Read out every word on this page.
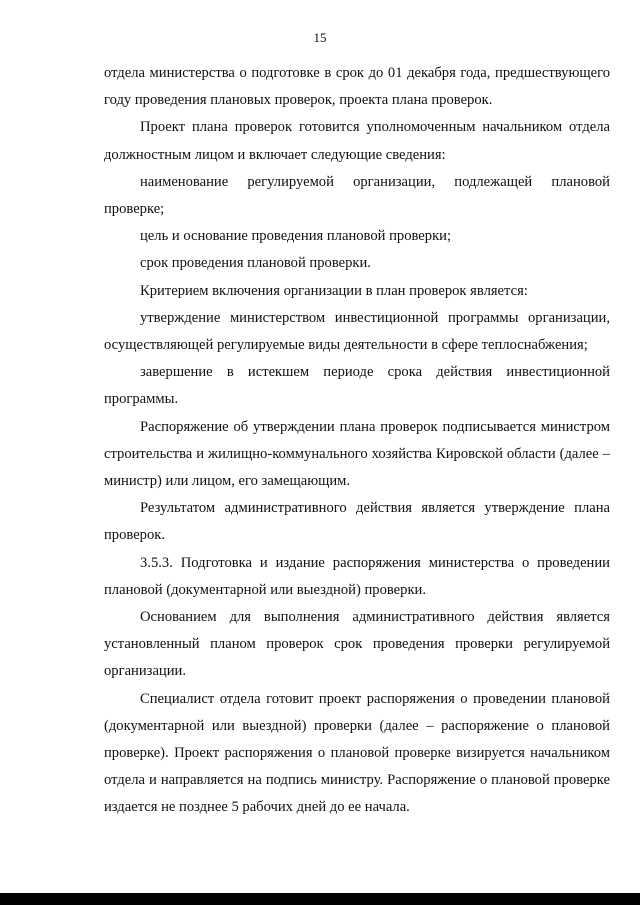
15

отдела министерства о подготовке в срок до 01 декабря года, предшествующего году проведения плановых проверок, проекта плана проверок.

Проект плана проверок готовится уполномоченным начальником отдела должностным лицом и включает следующие сведения:

наименование регулируемой организации, подлежащей плановой проверке;

цель и основание проведения плановой проверки;

срок проведения плановой проверки.

Критерием включения организации в план проверок является:

утверждение министерством инвестиционной программы организации, осуществляющей регулируемые виды деятельности в сфере теплоснабжения;

завершение в истекшем периоде срока действия инвестиционной программы.

Распоряжение об утверждении плана проверок подписывается министром строительства и жилищно-коммунального хозяйства Кировской области (далее – министр) или лицом, его замещающим.

Результатом административного действия является утверждение плана проверок.

3.5.3. Подготовка и издание распоряжения министерства о проведении плановой (документарной или выездной) проверки.

Основанием для выполнения административного действия является установленный планом проверок срок проведения проверки регулируемой организации.

Специалист отдела готовит проект распоряжения о проведении плановой (документарной или выездной) проверки (далее – распоряжение о плановой проверке). Проект распоряжения о плановой проверке визируется начальником отдела и направляется на подпись министру. Распоряжение о плановой проверке издается не позднее 5 рабочих дней до ее начала.
